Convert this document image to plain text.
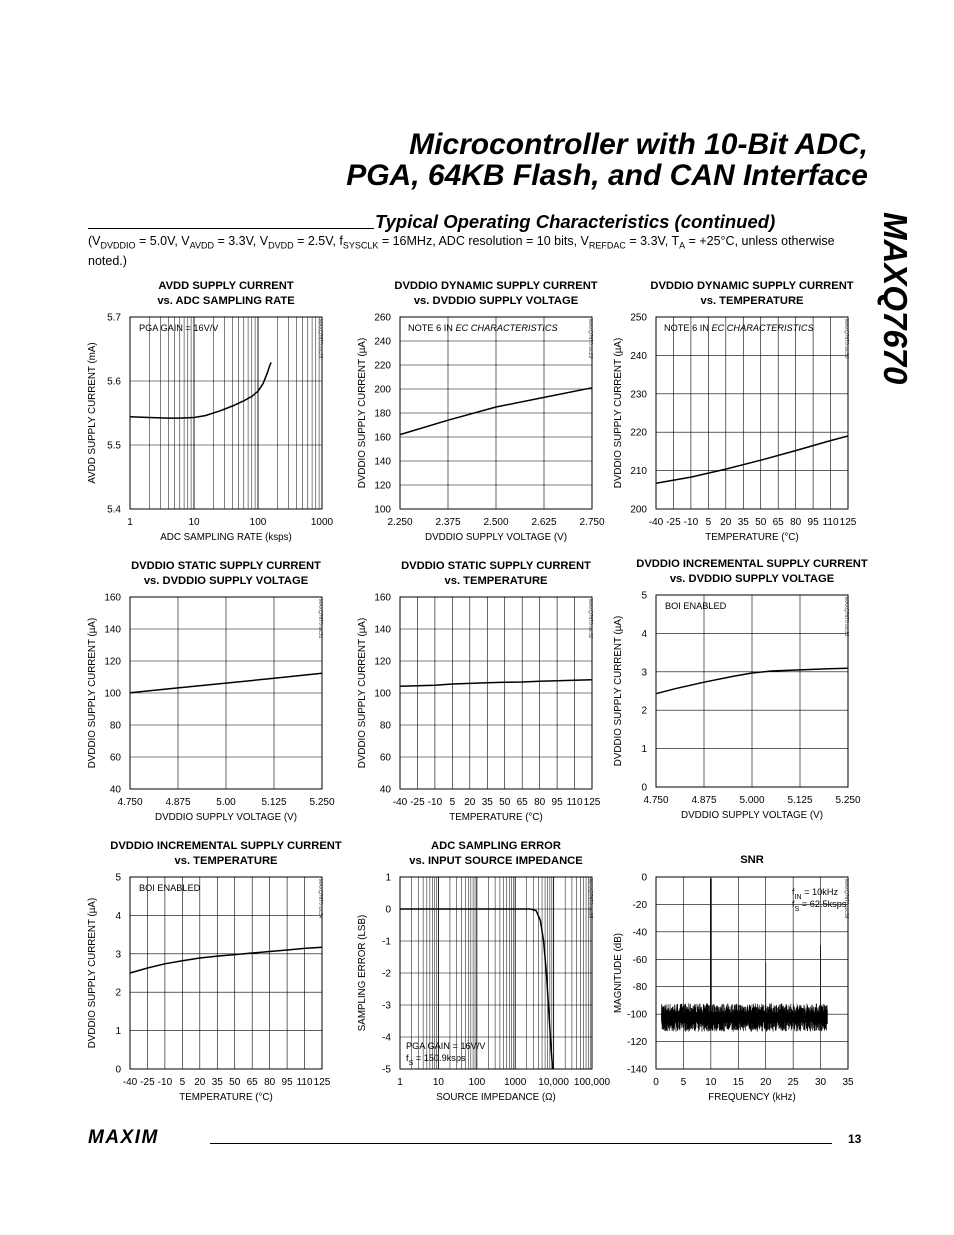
Microcontroller with 10-Bit ADC,
PGA, 64KB Flash, and CAN Interface
MAXQ7670
Typical Operating Characteristics (continued)
($V_{DVDDIO} = 5.0V$, $V_{AVDD} = 3.3V$, $V_{DVDD} = 2.5V$, $f_{SYSCLK} = 16MHz$, ADC resolution = 10 bits, $V_{REFDAC} = 3.3V$, $T_A = +25^\circ C$, unless otherwise noted.)
AVDD SUPPLY CURRENT
vs. ADC SAMPLING RATE
1	10	100	1000
5.4
5.5
5.6
5.7
ADC SAMPLING RATE (ksps)
AVDD SUPPLY CURRENT (mA)
MAXQ7670 toc28
PGA GAIN = 16V/V
DVDDIO DYNAMIC SUPPLY CURRENT
vs. DVDDIO SUPPLY VOLTAGE
2.250 2.375 2.500 2.625 2.750
100
120
140
160
180
200
220
240
260
DVDDIO SUPPLY VOLTAGE (V)
DVDDIO SUPPLY CURRENT (µA)	MAXQ7670 toc29
NOTE 6 IN EC CHARACTERISTICS
DVDDIO DYNAMIC SUPPLY CURRENT
vs. TEMPERATURE
-40 -25 -10 5 20 35 50 65 80 95 110 125
200
210
220
230
240
250
TEMPERATURE (°C)
DVDDIO SUPPLY CURRENT (µA)	MAXQ7670 toc30
NOTE 6 IN EC CHARACTERISTICS
DVDDIO STATIC SUPPLY CURRENT
vs. DVDDIO SUPPLY VOLTAGE
4.750 4.875	5.00	5.125 5.250
40
60
80
100
120
140
160
DVDDIO SUPPLY VOLTAGE (V)
DVDDIO SUPPLY CURRENT (µA)	MAXQ7670 toc31
DVDDIO STATIC SUPPLY CURRENT
vs. TEMPERATURE
-40 -25 -10 5 20 35 50 65 80 95 110 125
40
60
80
100
120
140
160
TEMPERATURE (°C)
DVDDIO SUPPLY CURRENT (µA)	MAXQ7670 toc32
DVDDIO INCREMENTAL SUPPLY CURRENT
vs. DVDDIO SUPPLY VOLTAGE
4.750 4.875 5.000 5.125 5.250
0
1
2
3
4
5
DVDDIO SUPPLY VOLTAGE (V)
DVDDIO SUPPLY CURRENT (µA)	MAXQ7670 toc33
BOI ENABLED
DVDDIO INCREMENTAL SUPPLY CURRENT
vs. TEMPERATURE
-40 -25 -10 5 20 35 50 65 80 95 110 125
0
1
2
3
4
5
TEMPERATURE (°C)
DVDDIO SUPPLY CURRENT (µA)	MAXQ7670 toc34
BOI ENABLED
ADC SAMPLING ERROR
vs. INPUT SOURCE IMPEDANCE
1	10 100 1000 10,000 100,000
-5
-4
-3
-2
-1
0
1
SOURCE IMPEDANCE (Ω)
SAMPLING ERROR (LSB)
MAXQ7670 toc35
PGA GAIN = 16V/V
$f_S$ = 150.9ksps
SNR
0 5 10 15 20 25 30 35
-140
-120
-100
-80
-60
-40
-20
0
FREQUENCY (kHz)
MAGNITUDE (dB)
MAXQ7670 toc36
$f_{IN} = 10kHz$
$f_S$ = 62.5ksps
MAXIM	13
